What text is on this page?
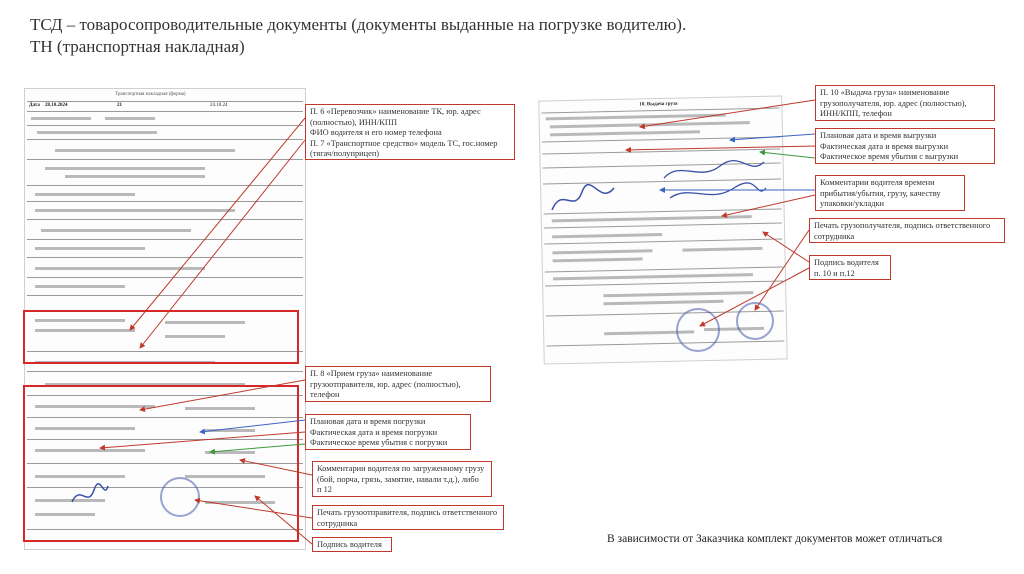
ТСД – товаросопроводительные документы (документы выданные на погрузке водителю).
ТН (транспортная накладная)
Транспортная накладная (форма)
Дата 28.10.2024	21	24.10.24	10. Выдача груза
П. 6 «Перевозчик» наименование ТК, юр. адрес
(полностью), ИНН/КПП
ФИО водителя и его номер телефона
П. 7 «Транспортное средство» модель ТС, гос.номер
(тягач/полуприцеп)
П. 8 «Прием груза» наименование
грузоотправителя, юр. адрес (полностью),
телефон
Плановая дата и время погрузки
Фактическая дата и время погрузки
Фактическое время убытия с погрузки
Комментарии водителя по загруженному грузу
(бой, порча, грязь, замятие, навали т.д.), либо
п 12
Печать грузоотправителя, подпись ответственного
сотрудника
Подпись водителя
П. 10 «Выдача груза» наименование
грузополучателя, юр. адрес (полностью),
ИНН/КПП, телефон
Плановая дата и время выгрузки
Фактическая дата и время выгрузки
Фактическое время убытия с выгрузки
Комментарии водителя времени
прибытия/убытия, грузу, качеству
упаковки/укладки
Печать грузополучателя, подпись ответственного
сотрудника
Подпись водителя
п. 10 и п.12
В зависимости от Заказчика комплект документов может отличаться
